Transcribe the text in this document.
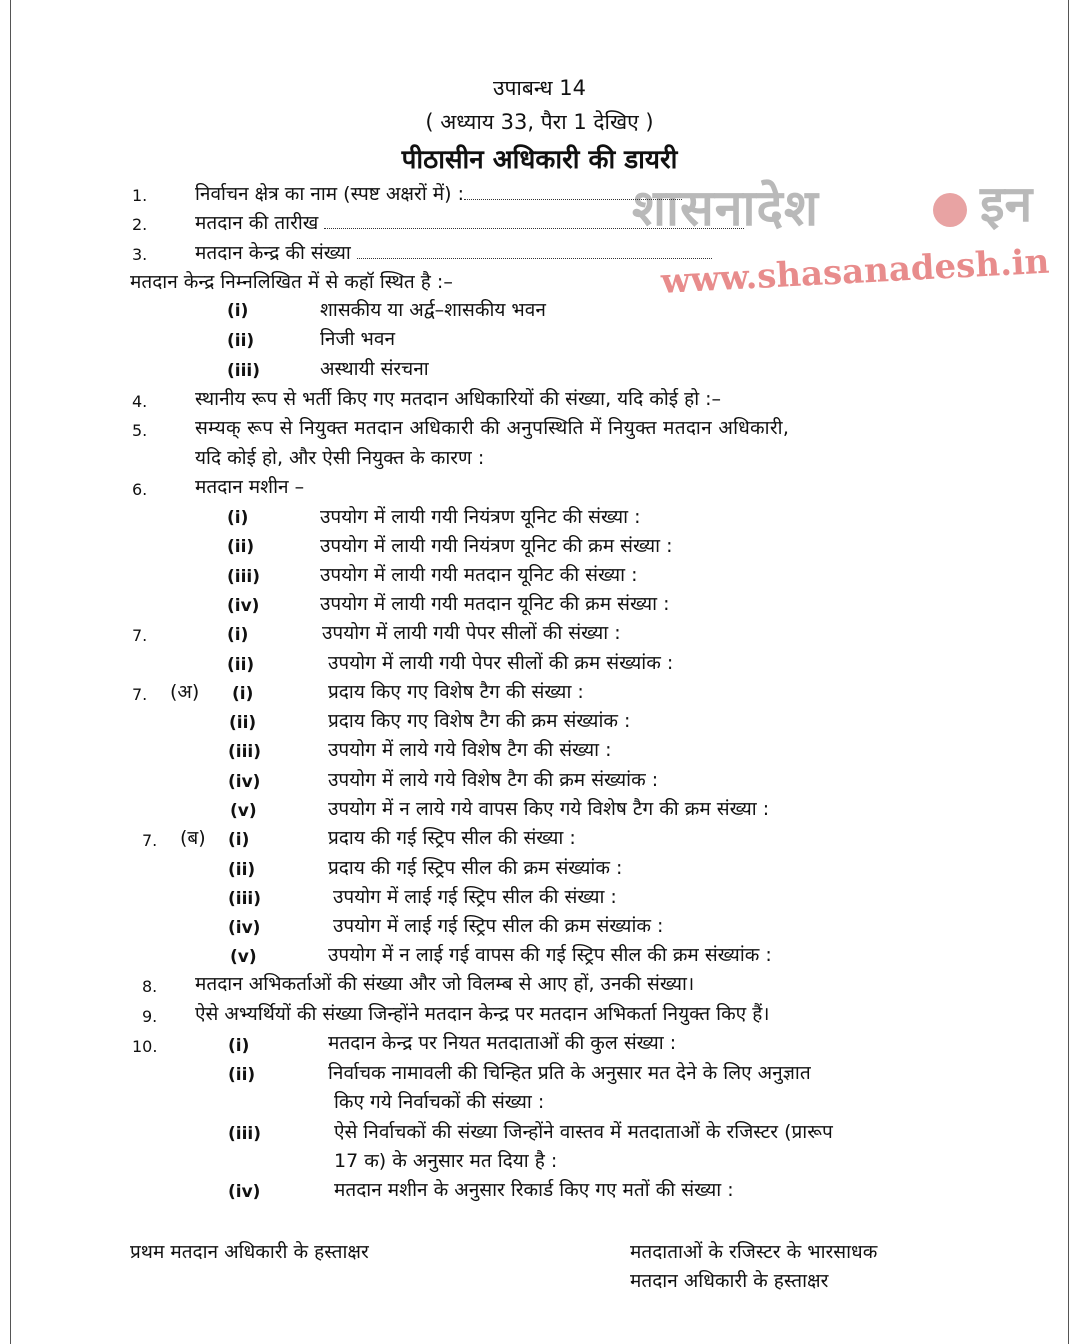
उपाबन्ध 14
( अध्याय 33, पैरा 1 देखिए )
पीठासीन अधिकारी की डायरी
शासनादेश	इन
www.shasanadesh.in
1.	निर्वाचन क्षेत्र का नाम (स्पष्ट अक्षरों में) :
2.	मतदान की तारीख
3.	मतदान केन्द्र की संख्या
मतदान केन्द्र निम्नलिखित में से कहॉ स्थित है :–
(i)	शासकीय या अर्द्व–शासकीय भवन
(ii)	निजी भवन
(iii)	अस्थायी संरचना
4.	स्थानीय रूप से भर्ती किए गए मतदान अधिकारियों की संख्या, यदि कोई हो :–
5.	सम्यक् रूप से नियुक्त मतदान अधिकारी की अनुपस्थिति में नियुक्त मतदान अधिकारी,
यदि कोई हो, और ऐसी नियुक्त के कारण :
6.	मतदान मशीन –
(i)	उपयोग में लायी गयी नियंत्रण यूनिट की संख्या :
(ii)	उपयोग में लायी गयी नियंत्रण यूनिट की क्रम संख्या :
(iii)	उपयोग में लायी गयी मतदान यूनिट की संख्या :
(iv)	उपयोग में लायी गयी मतदान यूनिट की क्रम संख्या :
7.	(i)	उपयोग में लायी गयी पेपर सीलों की संख्या :
(ii)	उपयोग में लायी गयी पेपर सीलों की क्रम संख्यांक :
7. (अ) (i)	प्रदाय किए गए विशेष टैग की संख्या :
(ii)	प्रदाय किए गए विशेष टैग की क्रम संख्यांक :
(iii)	उपयोग में लाये गये विशेष टैग की संख्या :
(iv)	उपयोग में लाये गये विशेष टैग की क्रम संख्यांक :
(v)	उपयोग में न लाये गये वापस किए गये विशेष टैग की क्रम संख्या :
7. (ब) (i)	प्रदाय की गई स्ट्रिप सील की संख्या :
(ii)	प्रदाय की गई स्ट्रिप सील की क्रम संख्यांक :
(iii)	उपयोग में लाई गई स्ट्रिप सील की संख्या :
(iv)	उपयोग में लाई गई स्ट्रिप सील की क्रम संख्यांक :
(v)	उपयोग में न लाई गई वापस की गई स्ट्रिप सील की क्रम संख्यांक :
8. मतदान अभिकर्ताओं की संख्या और जो विलम्ब से आए हों, उनकी संख्या।
9. ऐसे अभ्यर्थियों की संख्या जिन्होंने मतदान केन्द्र पर मतदान अभिकर्ता नियुक्त किए हैं।
10.	(i)	मतदान केन्द्र पर नियत मतदाताओं की कुल संख्या :
(ii)	निर्वाचक नामावली की चिन्हित प्रति के अनुसार मत देने के लिए अनुज्ञात
किए गये निर्वाचकों की संख्या :
(iii)	ऐसे निर्वाचकों की संख्या जिन्होंने वास्तव में मतदाताओं के रजिस्टर (प्रारूप
17 क) के अनुसार मत दिया है :
(iv)	मतदान मशीन के अनुसार रिकार्ड किए गए मतों की संख्या :
प्रथम मतदान अधिकारी के हस्ताक्षर	मतदाताओं के रजिस्टर के भारसाधक
मतदान अधिकारी के हस्ताक्षर
